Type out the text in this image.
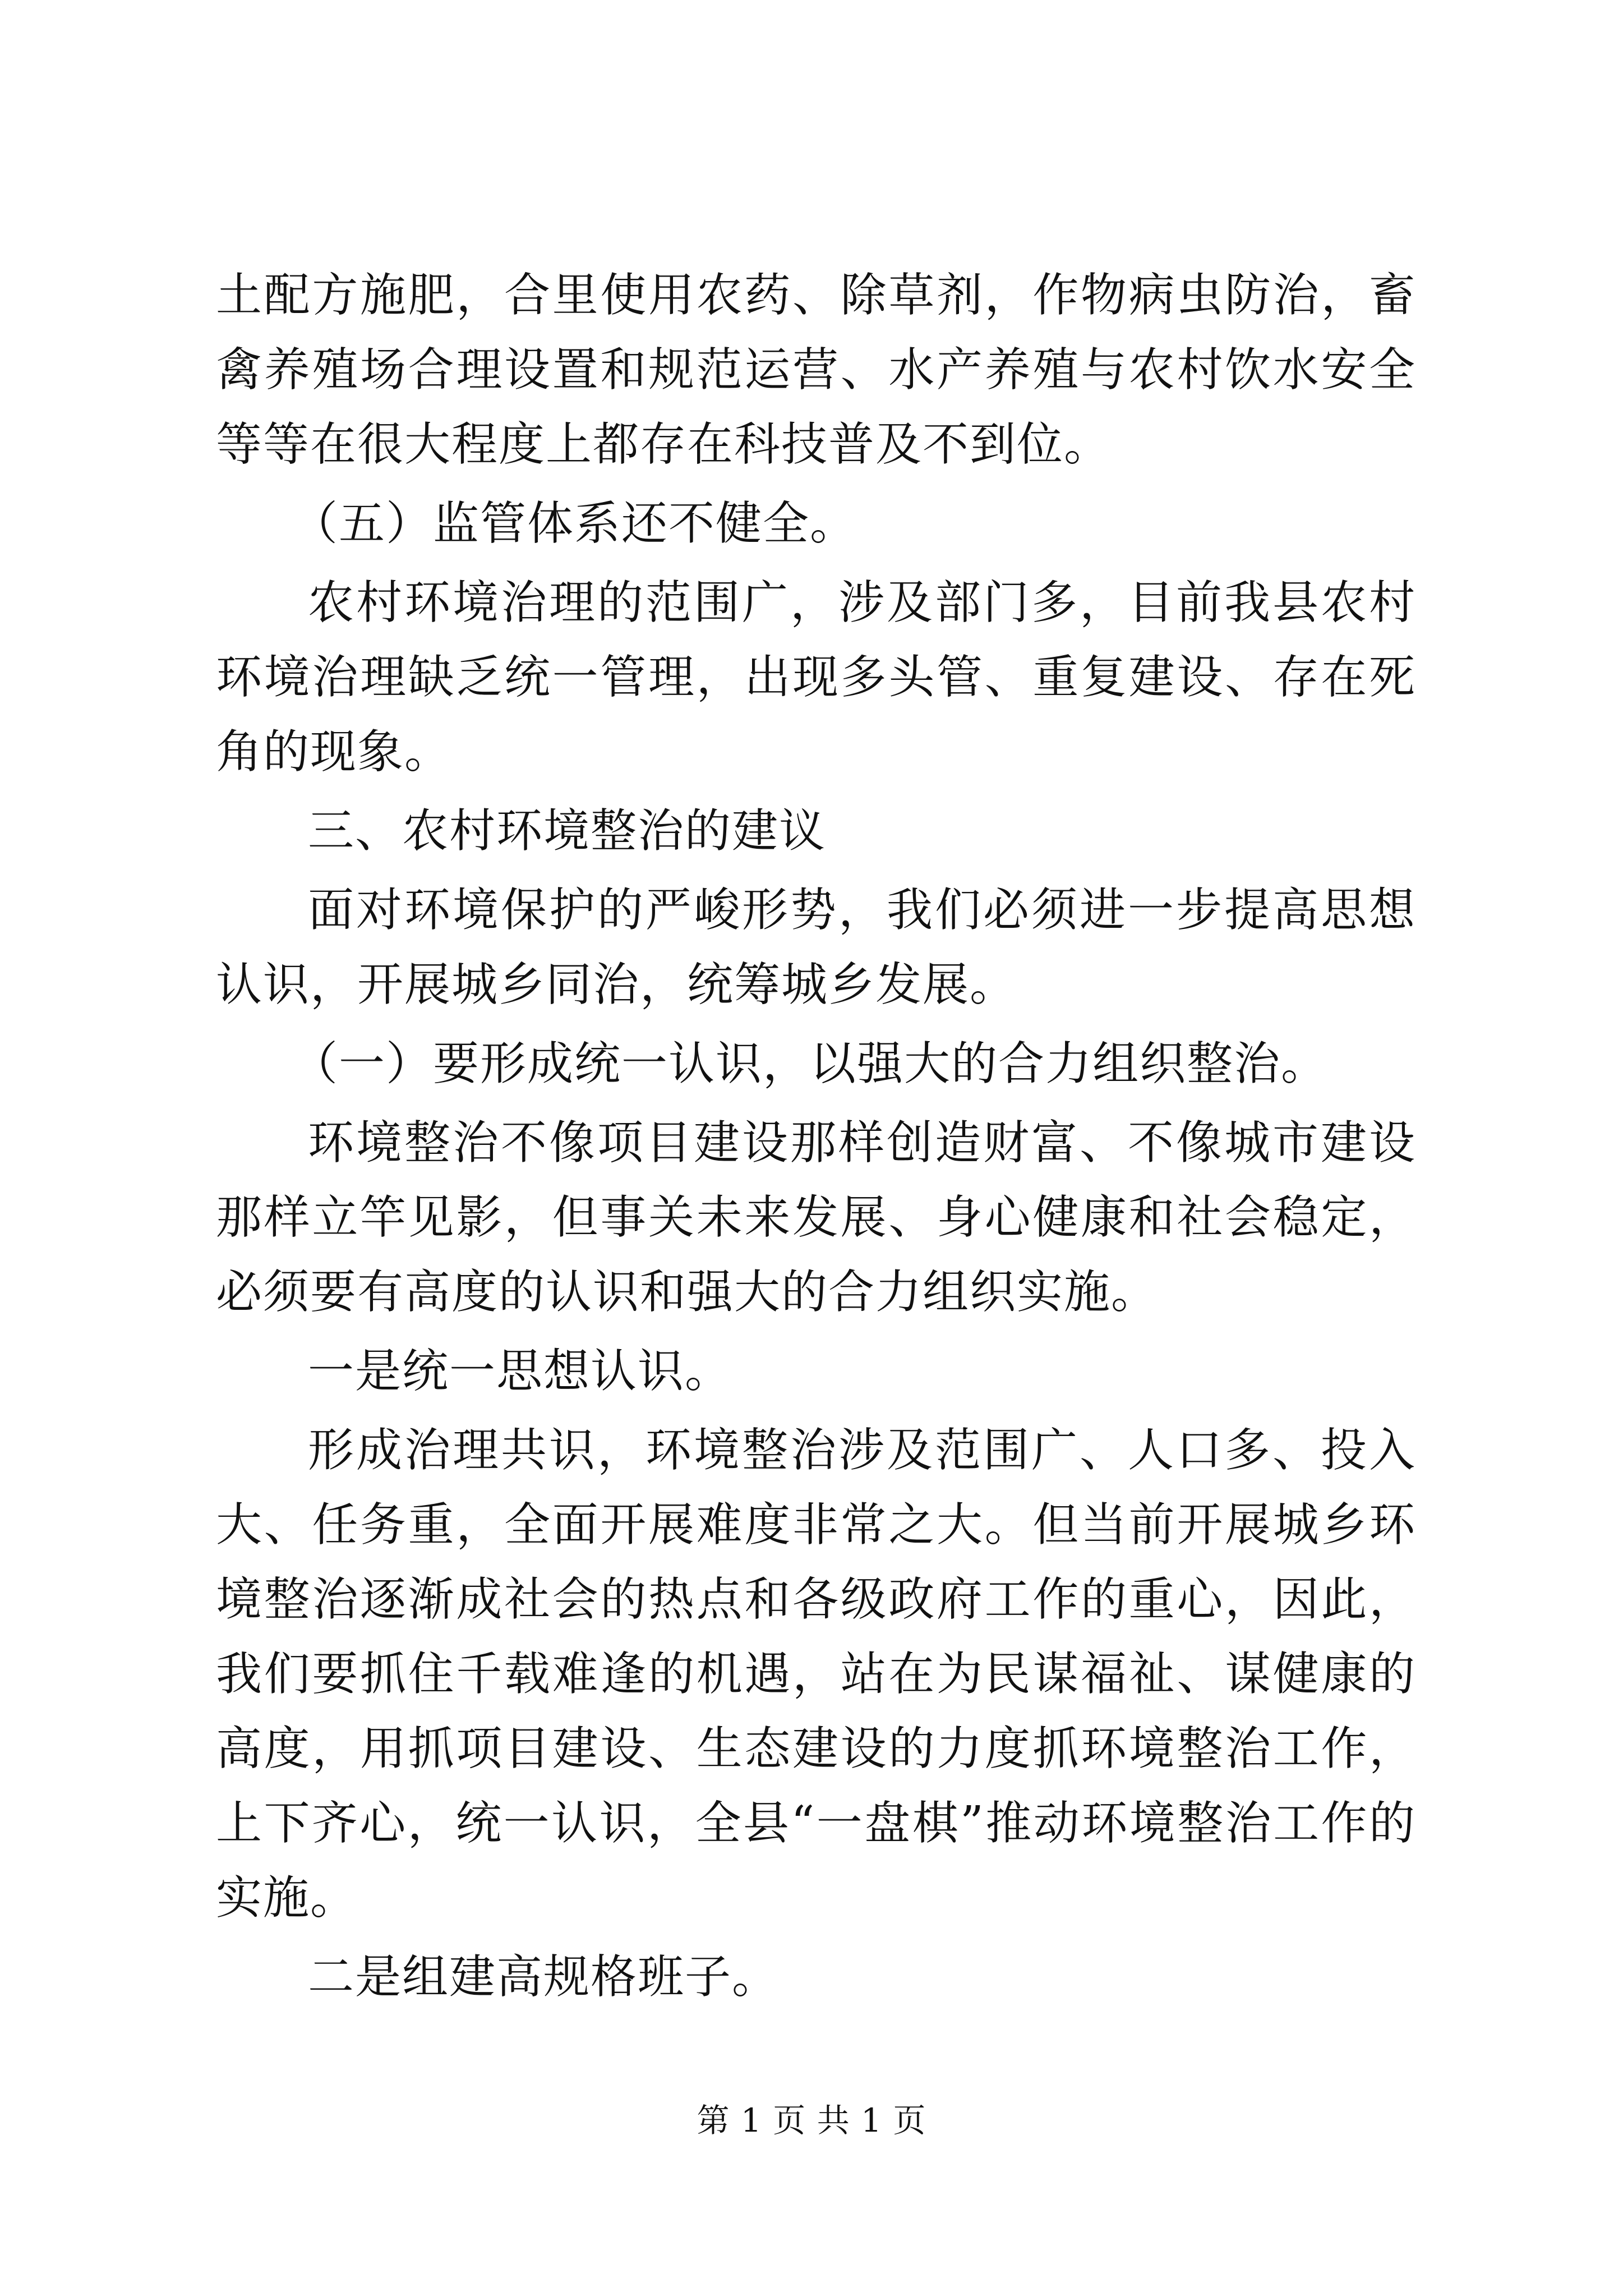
土配方施肥，合里使用农药、除草剂，作物病虫防治，畜禽养殖场合理设置和规范运营、水产养殖与农村饮水安全等等在很大程度上都存在科技普及不到位。

（五）监管体系还不健全。

农村环境治理的范围广，涉及部门多，目前我县农村环境治理缺乏统一管理，出现多头管、重复建设、存在死角的现象。

三、农村环境整治的建议

面对环境保护的严峻形势，我们必须进一步提高思想认识，开展城乡同治，统筹城乡发展。

（一）要形成统一认识，以强大的合力组织整治。

环境整治不像项目建设那样创造财富、不像城市建设那样立竿见影，但事关未来发展、身心健康和社会稳定，必须要有高度的认识和强大的合力组织实施。

一是统一思想认识。

形成治理共识，环境整治涉及范围广、人口多、投入大、任务重，全面开展难度非常之大。但当前开展城乡环境整治逐渐成社会的热点和各级政府工作的重心，因此，我们要抓住千载难逢的机遇，站在为民谋福祉、谋健康的高度，用抓项目建设、生态建设的力度抓环境整治工作，上下齐心，统一认识，全县“一盘棋”推动环境整治工作的实施。

二是组建高规格班子。

第 1 页 共 1 页
